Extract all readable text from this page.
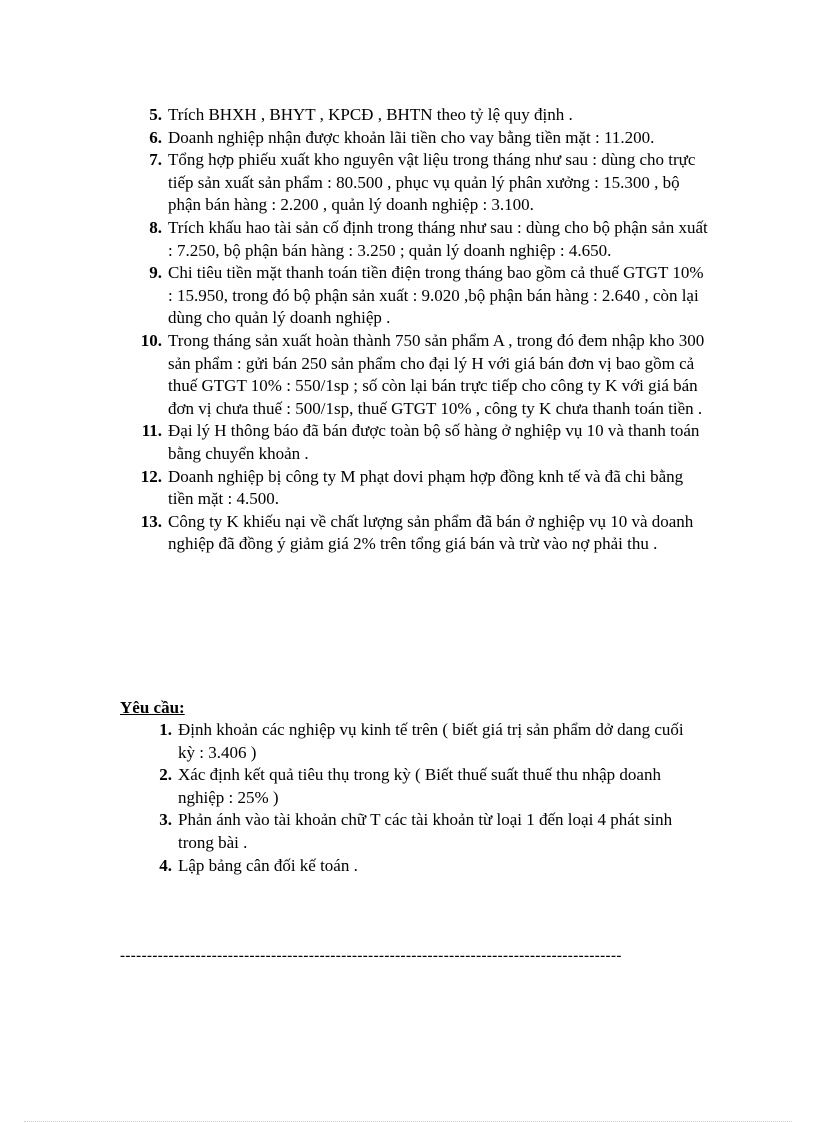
5. Trích BHXH , BHYT , KPCĐ , BHTN theo tỷ lệ quy định .
6. Doanh nghiệp nhận được khoản lãi tiền cho vay bằng tiền mặt : 11.200.
7. Tổng hợp phiếu xuất kho nguyên vật liệu trong tháng như sau : dùng cho trực tiếp sản xuất sản phẩm : 80.500 , phục vụ quản lý phân xưởng : 15.300 , bộ phận bán hàng : 2.200 , quản lý doanh nghiệp : 3.100.
8. Trích khấu hao tài sản cố định trong tháng như sau : dùng cho bộ phận sản xuất : 7.250, bộ phận bán hàng : 3.250 ; quản lý doanh nghiệp : 4.650.
9. Chi tiêu tiền mặt thanh toán tiền điện trong tháng bao gồm cả thuế GTGT 10% : 15.950, trong đó bộ phận sản xuất : 9.020 ,bộ phận bán hàng : 2.640 , còn lại dùng cho quản lý doanh nghiệp .
10. Trong tháng sản xuất hoàn thành 750 sản phẩm A , trong đó đem nhập kho 300 sản phẩm : gửi bán 250 sản phẩm cho đại lý H với giá bán đơn vị bao gồm cả thuế GTGT 10% : 550/1sp ; số còn lại bán trực tiếp cho công ty K với giá bán đơn vị chưa thuế : 500/1sp, thuế GTGT 10% , công ty K chưa thanh toán tiền .
11. Đại lý H thông báo đã bán được toàn bộ số hàng ở nghiệp vụ 10 và thanh toán bằng chuyển khoản .
12. Doanh nghiệp bị công ty M phạt dovi phạm hợp đồng knh tế và đã chi bằng tiền mặt : 4.500.
13. Công ty K khiếu nại về chất lượng sản phẩm đã bán ở nghiệp vụ 10 và doanh nghiệp đã đồng ý giảm giá 2% trên tổng giá bán và trừ vào nợ phải thu .

Yêu cầu:

1. Định khoản các nghiệp vụ kinh tế trên ( biết giá trị sản phẩm dở dang cuối kỳ : 3.406 )
2. Xác định kết quả tiêu thụ trong kỳ ( Biết thuế suất thuế thu nhập doanh nghiệp : 25% )
3. Phản ánh vào tài khoản chữ T các tài khoản từ loại 1 đến loại 4 phát sinh trong bài .
4. Lập bảng cân đối kế toán .

---------------------------------------------------------------------------------------------
